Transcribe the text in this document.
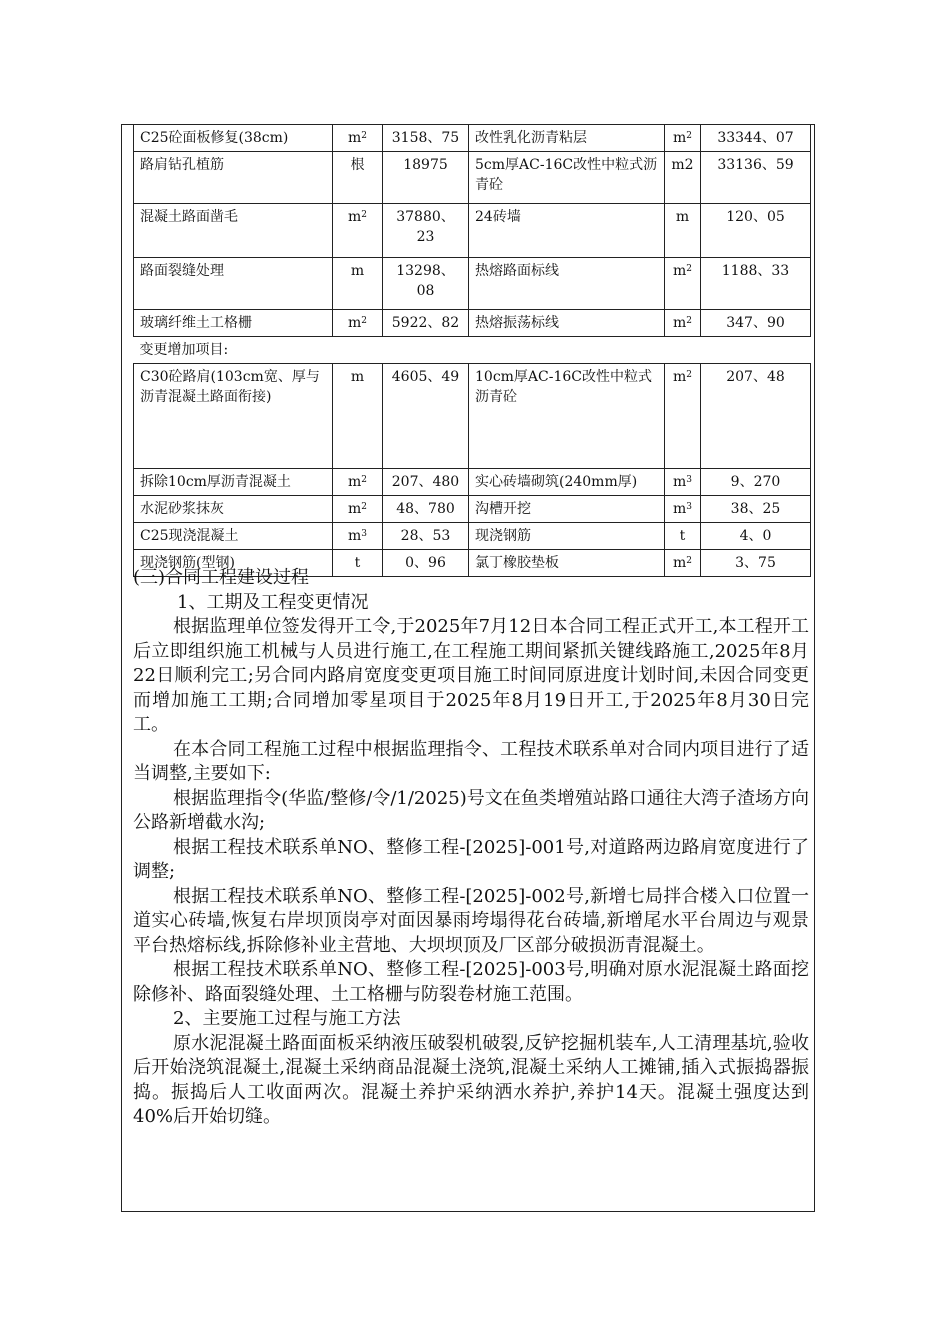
C25砼面板修复(38cm)	$m^2$	3158、75	改性乳化沥青粘层	$m^2$	33344、07
路肩钻孔植筋	根	18975	5cm厚AC-16C改性中粒式沥青砼	m2	33136、59
混凝土路面凿毛	$m^2$	37880、23	24砖墙	m	120、05
路面裂缝处理	m	13298、08	热熔路面标线	$m^2$	1188、33
玻璃纤维土工格栅	$m^2$	5922、82	热熔振荡标线	$m^2$	347、90
变更增加项目:					
C30砼路肩(103cm宽、厚与沥青混凝土路面衔接)	m	4605、49	10cm厚AC-16C改性中粒式沥青砼	$m^2$	207、48
拆除10cm厚沥青混凝土	$m^2$	207、480	实心砖墙砌筑(240mm厚)	$m^3$	9、270
水泥砂浆抹灰	$m^2$	48、780	沟槽开挖	$m^3$	38、25
C25现浇混凝土	$m^3$	28、53	现浇钢筋	t	4、0
现浇钢筋(型钢)	t	0、96	氯丁橡胶垫板	$m^2$	3、75

(三)合同工程建设过程

1、工期及工程变更情况

根据监理单位签发得开工令,于2025年7月12日本合同工程正式开工,本工程开工后立即组织施工机械与人员进行施工,在工程施工期间紧抓关键线路施工,2025年8月22日顺利完工;另合同内路肩宽度变更项目施工时间同原进度计划时间,未因合同变更而增加施工工期;合同增加零星项目于2025年8月19日开工,于2025年8月30日完工。

在本合同工程施工过程中根据监理指令、工程技术联系单对合同内项目进行了适当调整,主要如下:

根据监理指令(华监/整修/令/1/2025)号文在鱼类增殖站路口通往大湾子渣场方向公路新增截水沟;

根据工程技术联系单NO、整修工程-[2025]-001号,对道路两边路肩宽度进行了调整;

根据工程技术联系单NO、整修工程-[2025]-002号,新增七局拌合楼入口位置一道实心砖墙,恢复右岸坝顶岗亭对面因暴雨垮塌得花台砖墙,新增尾水平台周边与观景平台热熔标线,拆除修补业主营地、大坝坝顶及厂区部分破损沥青混凝土。

根据工程技术联系单NO、整修工程-[2025]-003号,明确对原水泥混凝土路面挖除修补、路面裂缝处理、土工格栅与防裂卷材施工范围。

2、主要施工过程与施工方法

原水泥混凝土路面面板采纳液压破裂机破裂,反铲挖掘机装车,人工清理基坑,验收后开始浇筑混凝土,混凝土采纳商品混凝土浇筑,混凝土采纳人工摊铺,插入式振捣器振捣。振捣后人工收面两次。混凝土养护采纳洒水养护,养护14天。混凝土强度达到40%后开始切缝。
